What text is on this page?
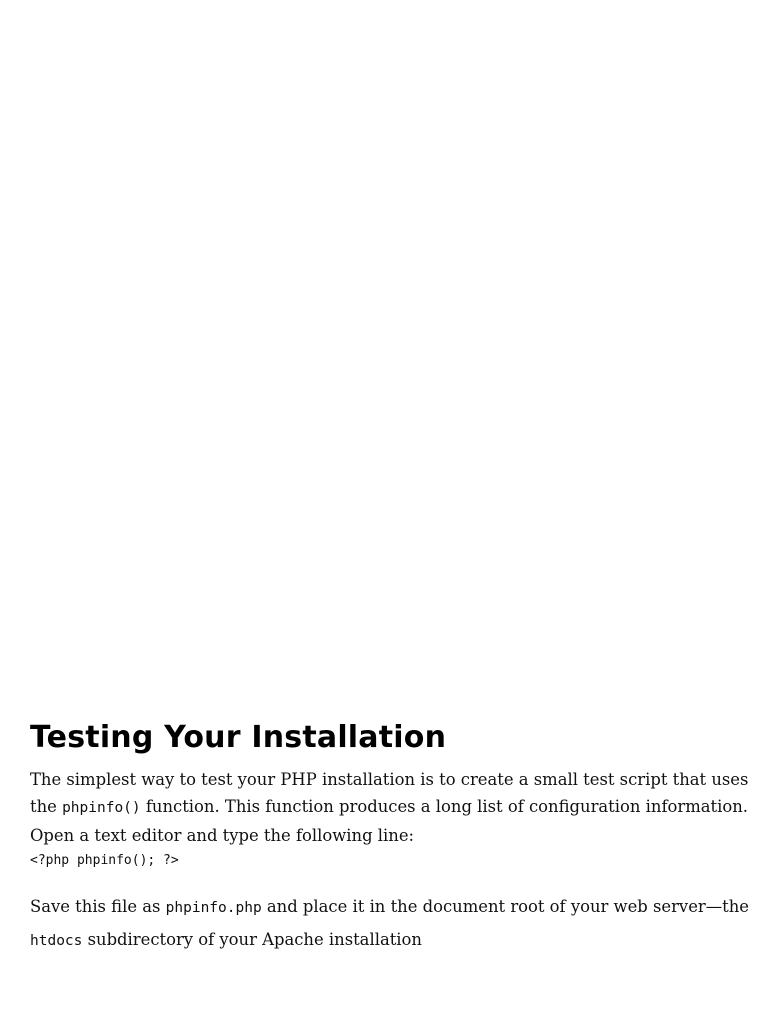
Testing Your Installation

The simplest way to test your PHP installation is to create a small test script that uses the phpinfo() function. This function produces a long list of configuration information. Open a text editor and type the following line:

<?php phpinfo(); ?>

Save this file as phpinfo.php and place it in the document root of your web server—the htdocs subdirectory of your Apache installation
